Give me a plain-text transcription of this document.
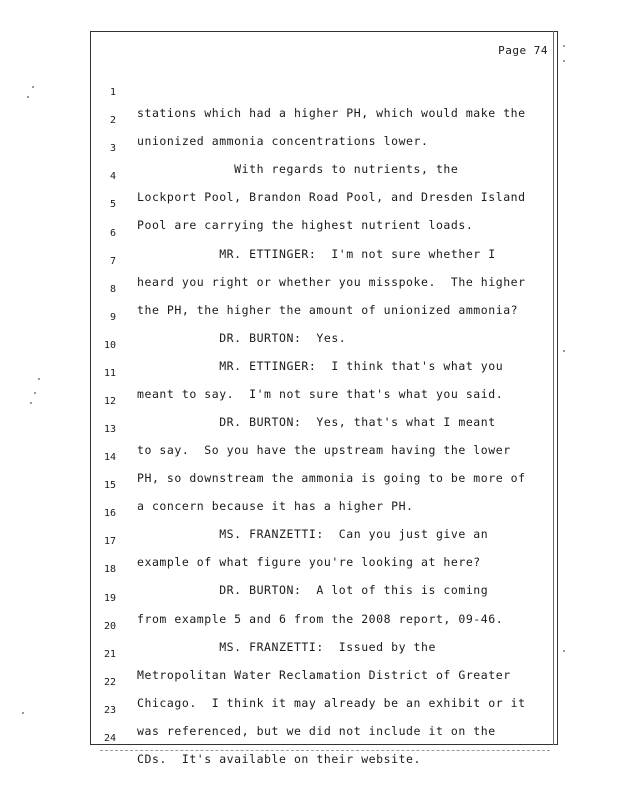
Page 74

1

stations which had a higher PH, which would make the

2

unionized ammonia concentrations lower.

3

With regards to nutrients, the

4

Lockport Pool, Brandon Road Pool, and Dresden Island

5

Pool are carrying the highest nutrient loads.

6

MR. ETTINGER:  I'm not sure whether I

7

heard you right or whether you misspoke.  The higher

8

the PH, the higher the amount of unionized ammonia?

9

DR. BURTON:  Yes.

10

MR. ETTINGER:  I think that's what you

11

meant to say.  I'm not sure that's what you said.

12

DR. BURTON:  Yes, that's what I meant

13

to say.  So you have the upstream having the lower

14

PH, so downstream the ammonia is going to be more of

15

a concern because it has a higher PH.

16

MS. FRANZETTI:  Can you just give an

17

example of what figure you're looking at here?

18

DR. BURTON:  A lot of this is coming

19

from example 5 and 6 from the 2008 report, 09-46.

20

MS. FRANZETTI:  Issued by the

21

Metropolitan Water Reclamation District of Greater

22

Chicago.  I think it may already be an exhibit or it

23

was referenced, but we did not include it on the

24

CDs.  It's available on their website.
